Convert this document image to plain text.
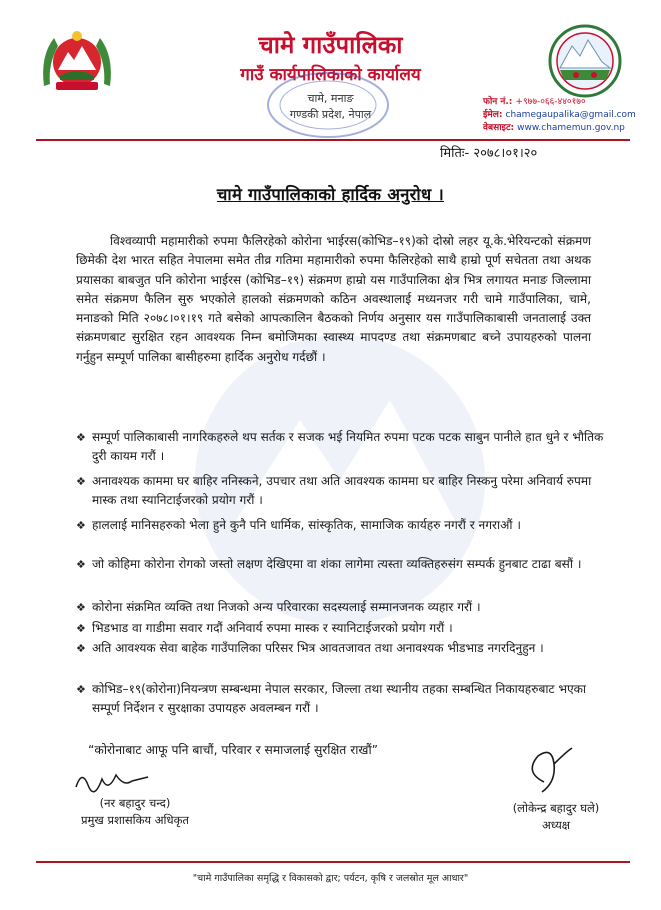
चामे गाउँपालिका
गाउँ कार्यपालिकाको कार्यालय
चामे, मनाङ
गण्डकी प्रदेश, नेपाल
फोन नं.: +९७७-०६६-४४०१७०
ईमेल: chamegaupalika@gmail.com
वेबसाइट: www.chamemun.gov.np
मितिः- २०७८।०१।२०
चामे गाउँपालिकाको हार्दिक अनुरोध ।
विश्वव्यापी महामारीको रुपमा फैलिरहेको कोरोना भाईरस(कोभिड–१९)को दोस्रो लहर यू.के.भेरियन्टको संक्रमण छिमेकी देश भारत सहित नेपालमा समेत तीव्र गतिमा महामारीको रुपमा फैलिरहेको साथै हाम्रो पूर्ण सचेतता तथा अथक प्रयासका बाबजुत पनि कोरोना भाईरस (कोभिड–१९) संक्रमण हाम्रो यस गाउँपालिका क्षेत्र भित्र लगायत मनाङ जिल्लामा समेत संक्रमण फैलिन सुरु भएकोले हालको संक्रमणको कठिन अवस्थालाई मध्यनजर गरी चामे गाउँपालिका, चामे, मनाङको मिति २०७८।०१।१९ गते बसेको आपत्कालिन बैठकको निर्णय अनुसार यस गाउँपालिकाबासी जनतालाई उक्त संक्रमणबाट सुरक्षित रहन आवश्यक निम्न बमोजिमका स्वास्थ्य मापदण्ड तथा संक्रमणबाट बच्ने उपायहरुको पालना गर्नुहुन सम्पूर्ण पालिका बासीहरुमा हार्दिक अनुरोध गर्दछौं ।
❖ सम्पूर्ण पालिकाबासी नागरिकहरुले थप सर्तक र सजक भई नियमित रुपमा पटक पटक साबुन पानीले हात धुने र भौतिक दुरी कायम गरौं ।
❖ अनावश्यक काममा घर बाहिर ननिस्कने, उपचार तथा अति आवश्यक काममा घर बाहिर निस्कनु परेमा अनिवार्य रुपमा मास्क तथा स्यानिटाईजरको प्रयोग गरौं ।
❖ हाललाई मानिसहरुको भेला हुने कुनै पनि धार्मिक, सांस्कृतिक, सामाजिक कार्यहरु नगरौं र नगराऔं ।
❖ जो कोहिमा कोरोना रोगको जस्तो लक्षण देखिएमा वा शंका लागेमा त्यस्ता व्यक्तिहरुसंग सम्पर्क हुनबाट टाढा बसौं ।
❖ कोरोना संक्रमित व्यक्ति तथा निजको अन्य परिवारका सदस्यलाई सम्मानजनक व्यहार गरौं ।
❖ भिडभाड वा गाडीमा सवार गदौं अनिवार्य रुपमा मास्क र स्यानिटाईजरको प्रयोग गरौं ।
❖ अति आवश्यक सेवा बाहेक गाउँपालिका परिसर भित्र आवतजावत तथा अनावश्यक भीडभाड नगरदिनुहुन ।
❖ कोभिड–१९(कोरोना)नियन्त्रण सम्बन्धमा नेपाल सरकार, जिल्ला तथा स्थानीय तहका सम्बन्धित निकायहरुबाट भएका सम्पूर्ण निर्देशन र सुरक्षाका उपायहरु अवलम्बन गरौं ।
“कोरोनाबाट आफू पनि बाचौं, परिवार र समाजलाई सुरक्षित राखौं”
(नर बहादुर चन्द)
प्रमुख प्रशासकिय अधिकृत
(लोकेन्द्र बहादुर घले)
अध्यक्ष
"चामे गाउँपालिका समृद्धि र विकासको द्वार; पर्यटन, कृषि र जलस्रोत मूल आधार"
